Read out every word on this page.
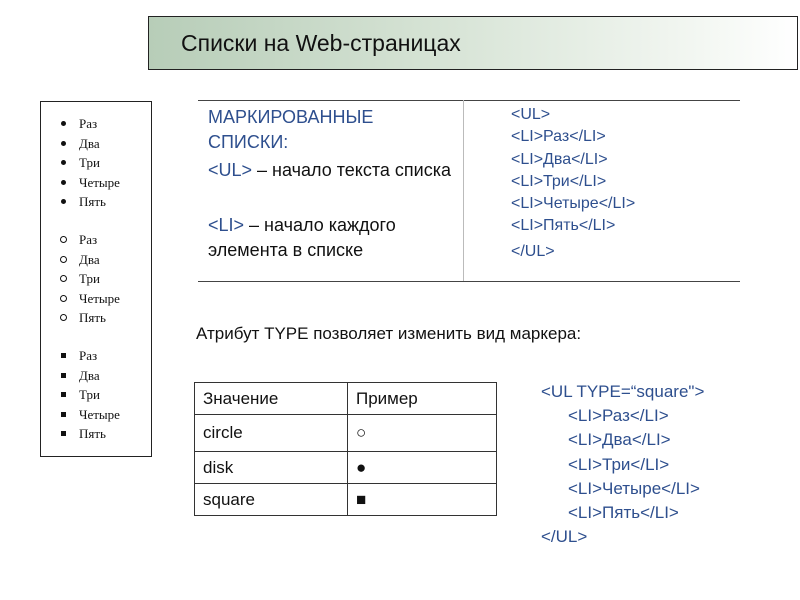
Списки на Web-страницах
Раз
Два
Три
Четыре
Пять
Раз
Два
Три
Четыре
Пять
Раз
Два
Три
Четыре
Пять
МАРКИРОВАННЫЕ СПИСКИ:
<UL> – начало текста списка
<LI> – начало каждого элемента в списке
<UL>
<LI>Раз</LI>
<LI>Два</LI>
<LI>Три</LI>
<LI>Четыре</LI>
<LI>Пять</LI>
</UL>
Атрибут TYPE позволяет изменить вид маркера:
Значение	Пример
circle	○
disk	●
square	■
<UL TYPE=“square">
<LI>Раз</LI>
<LI>Два</LI>
<LI>Три</LI>
<LI>Четыре</LI>
<LI>Пять</LI>
</UL>
